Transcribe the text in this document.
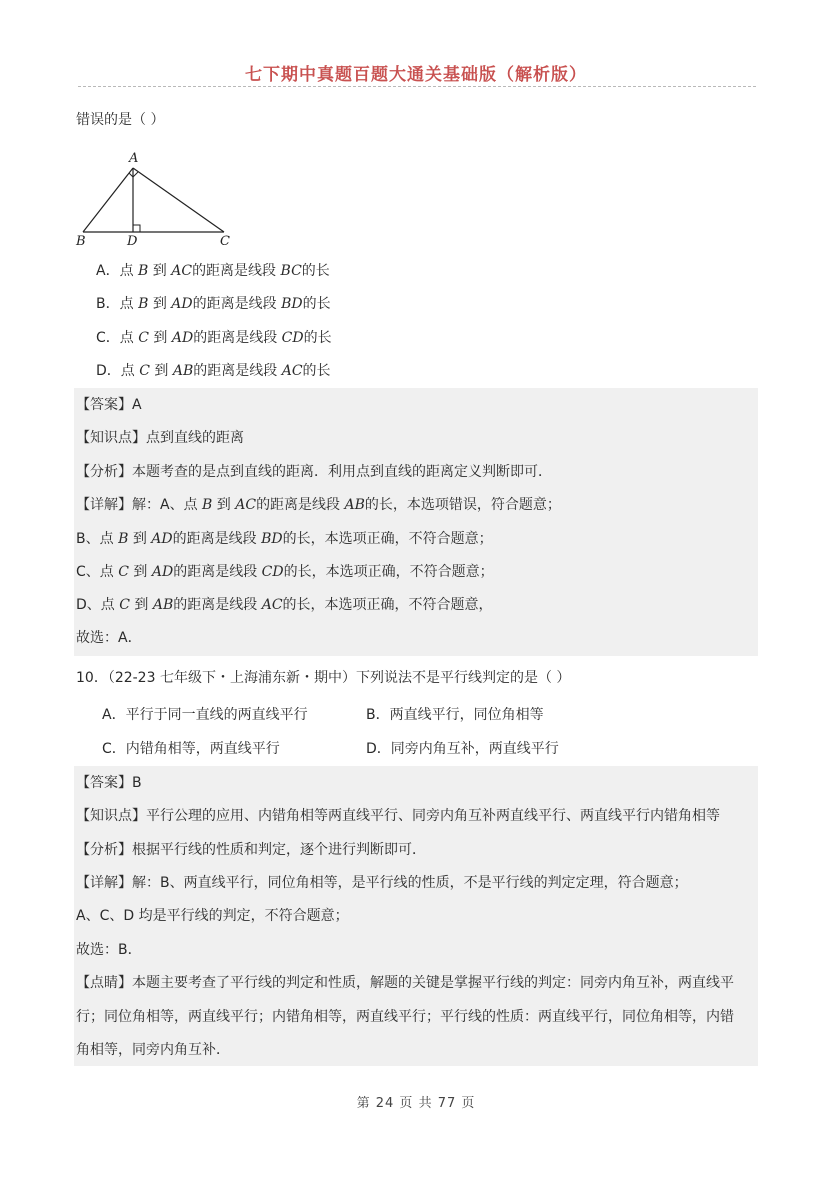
七下期中真题百题大通关基础版（解析版）
错误的是（ ）
A
B	D	C
A．点 B 到 AC的距离是线段 BC的长
B．点 B 到 AD的距离是线段 BD的长
C．点 C 到 AD的距离是线段 CD的长
D．点 C 到 AB的距离是线段 AC的长
【答案】A
【知识点】点到直线的距离
【分析】本题考查的是点到直线的距离．利用点到直线的距离定义判断即可．
【详解】解：A、点 B 到 AC的距离是线段 AB的长，本选项错误，符合题意；
B、点 B 到 AD的距离是线段 BD的长，本选项正确，不符合题意；
C、点 C 到 AD的距离是线段 CD的长，本选项正确，不符合题意；
D、点 C 到 AB的距离是线段 AC的长，本选项正确，不符合题意，
故选：A．
10．（22-23 七年级下・上海浦东新・期中）下列说法不是平行线判定的是（ ）
A．平行于同一直线的两直线平行	B．两直线平行，同位角相等
C．内错角相等，两直线平行	D．同旁内角互补，两直线平行
【答案】B
【知识点】平行公理的应用、内错角相等两直线平行、同旁内角互补两直线平行、两直线平行内错角相等
【分析】根据平行线的性质和判定，逐个进行判断即可．
【详解】解：B、两直线平行，同位角相等，是平行线的性质，不是平行线的判定定理，符合题意；
A、C、D 均是平行线的判定，不符合题意；
故选：B．
【点睛】本题主要考查了平行线的判定和性质，解题的关键是掌握平行线的判定：同旁内角互补，两直线平
行；同位角相等，两直线平行；内错角相等，两直线平行；平行线的性质：两直线平行，同位角相等，内错
角相等，同旁内角互补．
第 24 页 共 77 页
